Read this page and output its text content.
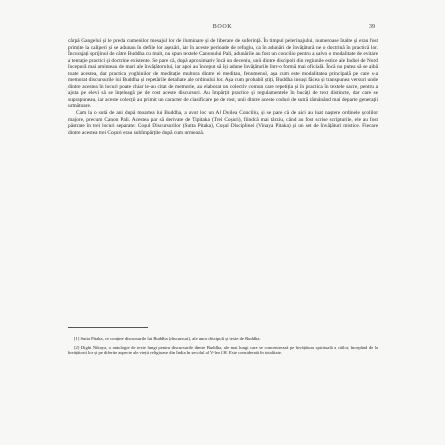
BOOK	39

cârpă Gangelui și le preda cumenilor mesajul lor de iluminare și de liberare de suferință. În timpul pelerinajului, numeroase înalte și erau fost primite la caliperi și se adunau în defile lor așezări, iar în aceste perioade de refugiu, ca în adunări de învățătură ne o doctrină în practică lor. Încurajați sprijinul de către Buddha cu mult, nu spun textele Canonului Pali, adunările au fost un concilio pentru a salvo o modalitate de evitare a tentație practici și doctrine existente. Se pare că, după aproximativ încă un deceniu, unii dintre discipoli din regiunile estice ale Indiei de Nord începură mai aminteau de mari ale învățătorului, iar apoi au început să își adune învățăturile într-o formă mai oficială. Încă nu putea să se aibă toate acestea, dar practica yoghinilor de meditație multora dintre ei meditau, fenomenul, așa cum este modalitatea principală pe care s-a memorat discursurile lui Buddha și repetările detaliate ale ordinului lor. Așa cum probabil știți, Buddha insuși făcea și transpunea versuri unde dintre acestea în locuri poate chiar le-au citat de memorie, au elaborat un colectiv comun care repetiția și în practica în textele sacre, pentru a ajuta pe elevi să se înțeleagă pe de rost aceste discursuri. Au împărțit practice și regulamentele în bucăți de text distincte, dar care se suprapuneau, iar aceste colecții au primit un caracter de clasificare pe de rost, unii dintre aceste coduri de sutră rămânând mai departe generații următoare.

Cam la o sută de ani după moartea lui Buddha, a avut loc un Al Doilea Conciliu, și se pare că de aici au luat naștere ordinele școlilor majore, precum Canon Pali. Acestea par să derivate de Tipitaka (Trei Coșuri), fiindcă mai târziu, când au fost scrise scripturile, ele au fost păstrate în trei locuri separate: Coșul Discursurilor (Sutta Pitaka), Coșul Disciplinei (Vinaya Pitaka) și un set de învățături mistice. Fiecare dintre acestea trei Coșuri erau subîmpărțite după cum urmează.

[1] Sutta Pitaka, ce conține discursurile lui Buddha (discursuri), ale unor discipoli și texte de Buddha.

[2] Dighi Nikaya, o antologie de texte lungi pentru discursurile dintre Buddha, ale mai lungi care se concentrează pe învățătura spirituală a căilor, începând de la învățătorii lor și pe diferite aspecte ale vieții religioase din India în secolul al V-lea î.H. Este considerată în totalitate.
